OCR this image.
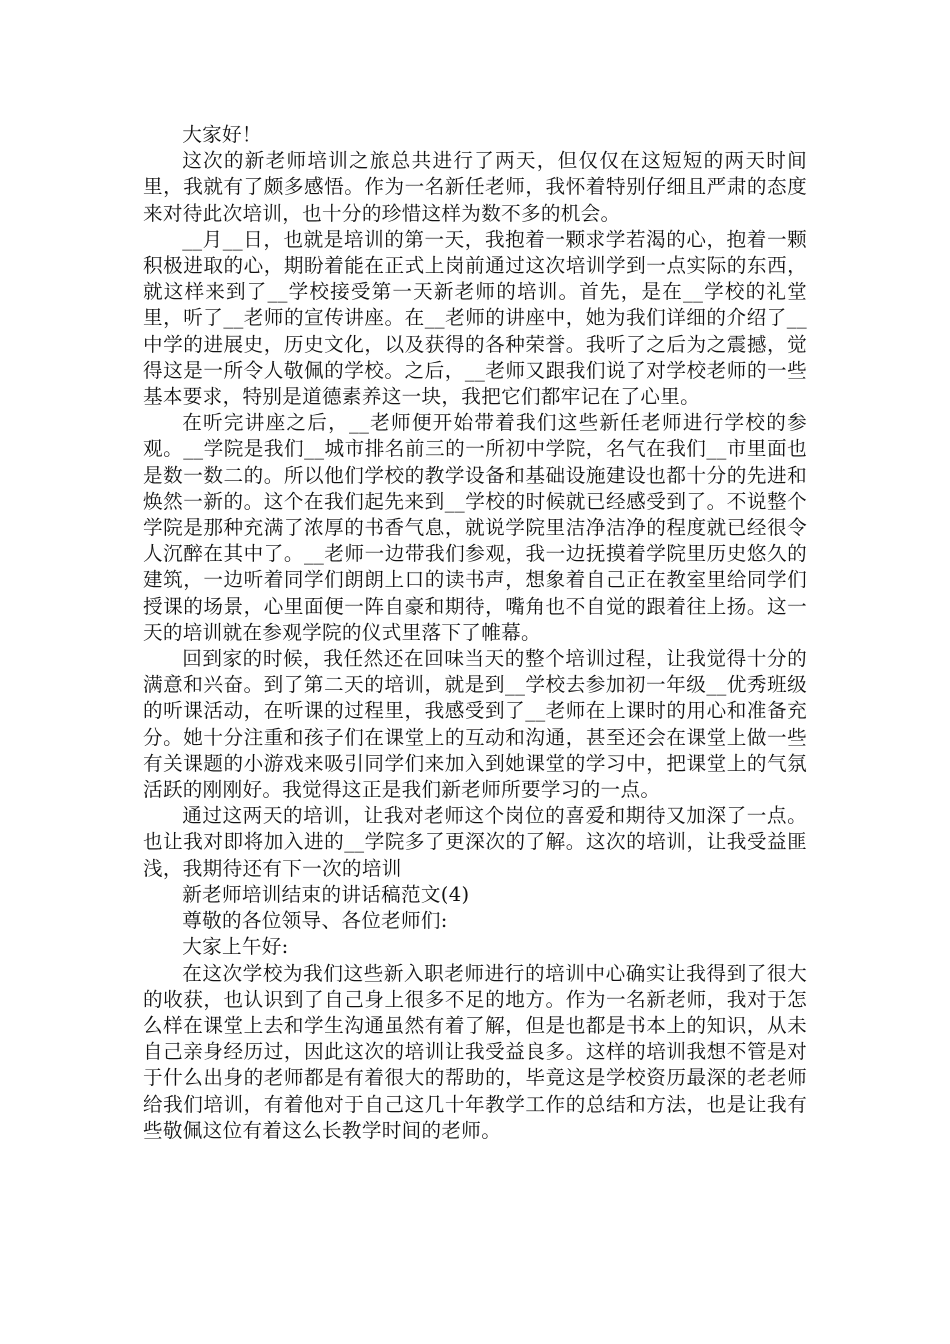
大家好！

这次的新老师培训之旅总共进行了两天，但仅仅在这短短的两天时间里，我就有了颇多感悟。作为一名新任老师，我怀着特别仔细且严肃的态度来对待此次培训，也十分的珍惜这样为数不多的机会。

__月__日，也就是培训的第一天，我抱着一颗求学若渴的心，抱着一颗积极进取的心，期盼着能在正式上岗前通过这次培训学到一点实际的东西，就这样来到了__学校接受第一天新老师的培训。首先，是在__学校的礼堂里，听了__老师的宣传讲座。在__老师的讲座中，她为我们详细的介绍了__中学的进展史，历史文化，以及获得的各种荣誉。我听了之后为之震撼，觉得这是一所令人敬佩的学校。之后，__老师又跟我们说了对学校老师的一些基本要求，特别是道德素养这一块，我把它们都牢记在了心里。

在听完讲座之后，__老师便开始带着我们这些新任老师进行学校的参观。__学院是我们__城市排名前三的一所初中学院，名气在我们__市里面也是数一数二的。所以他们学校的教学设备和基础设施建设也都十分的先进和焕然一新的。这个在我们起先来到__学校的时候就已经感受到了。不说整个学院是那种充满了浓厚的书香气息，就说学院里洁净洁净的程度就已经很令人沉醉在其中了。__老师一边带我们参观，我一边抚摸着学院里历史悠久的建筑，一边听着同学们朗朗上口的读书声，想象着自己正在教室里给同学们授课的场景，心里面便一阵自豪和期待，嘴角也不自觉的跟着往上扬。这一天的培训就在参观学院的仪式里落下了帷幕。

回到家的时候，我任然还在回味当天的整个培训过程，让我觉得十分的满意和兴奋。到了第二天的培训，就是到__学校去参加初一年级__优秀班级的听课活动，在听课的过程里，我感受到了__老师在上课时的用心和准备充分。她十分注重和孩子们在课堂上的互动和沟通，甚至还会在课堂上做一些有关课题的小游戏来吸引同学们来加入到她课堂的学习中，把课堂上的气氛活跃的刚刚好。我觉得这正是我们新老师所要学习的一点。

通过这两天的培训，让我对老师这个岗位的喜爱和期待又加深了一点。也让我对即将加入进的__学院多了更深次的了解。这次的培训，让我受益匪浅，我期待还有下一次的培训

新老师培训结束的讲话稿范文(4)

尊敬的各位领导、各位老师们:

大家上午好:

在这次学校为我们这些新入职老师进行的培训中心确实让我得到了很大的收获，也认识到了自己身上很多不足的地方。作为一名新老师，我对于怎么样在课堂上去和学生沟通虽然有着了解，但是也都是书本上的知识，从未自己亲身经历过，因此这次的培训让我受益良多。这样的培训我想不管是对于什么出身的老师都是有着很大的帮助的，毕竟这是学校资历最深的老老师给我们培训，有着他对于自己这几十年教学工作的总结和方法，也是让我有些敬佩这位有着这么长教学时间的老师。
